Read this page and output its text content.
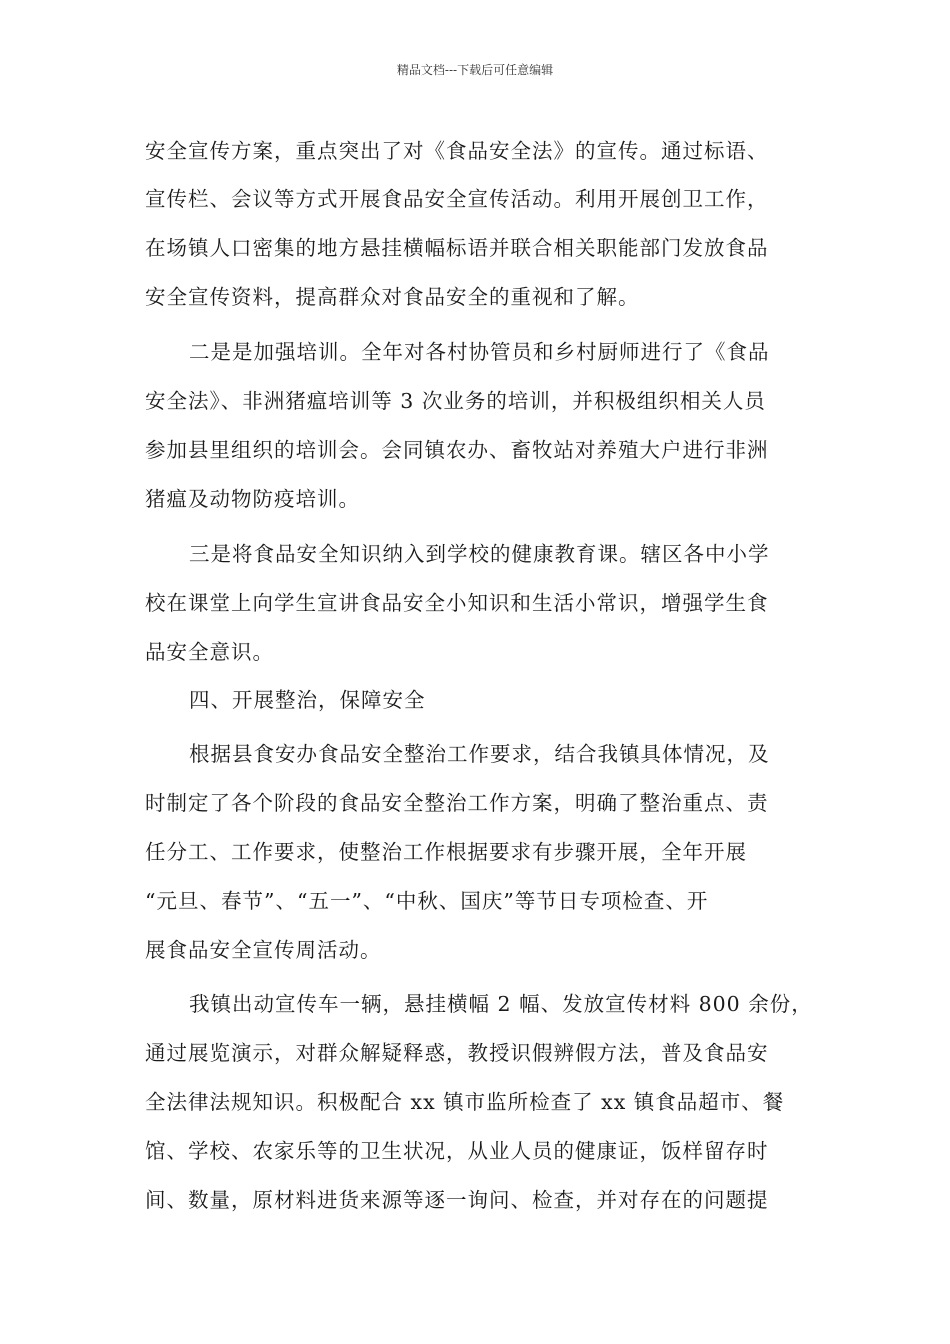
精品文档---下载后可任意编辑
安全宣传方案，重点突出了对《食品安全法》的宣传。通过标语、
宣传栏、会议等方式开展食品安全宣传活动。利用开展创卫工作，
在场镇人口密集的地方悬挂横幅标语并联合相关职能部门发放食品
安全宣传资料，提高群众对食品安全的重视和了解。
二是是加强培训。全年对各村协管员和乡村厨师进行了《食品
安全法》、非洲猪瘟培训等 3 次业务的培训，并积极组织相关人员
参加县里组织的培训会。会同镇农办、畜牧站对养殖大户进行非洲
猪瘟及动物防疫培训。
三是将食品安全知识纳入到学校的健康教育课。辖区各中小学
校在课堂上向学生宣讲食品安全小知识和生活小常识，增强学生食
品安全意识。
四、开展整治，保障安全
根据县食安办食品安全整治工作要求，结合我镇具体情况，及
时制定了各个阶段的食品安全整治工作方案，明确了整治重点、责
任分工、工作要求，使整治工作根据要求有步骤开展，全年开展
“元旦、春节”、“五一”、“中秋、国庆”等节日专项检查、开
展食品安全宣传周活动。
我镇出动宣传车一辆，悬挂横幅 2 幅、发放宣传材料 800 余份，
通过展览演示，对群众解疑释惑，教授识假辨假方法，普及食品安
全法律法规知识。积极配合 xx 镇市监所检查了 xx 镇食品超市、餐
馆、学校、农家乐等的卫生状况，从业人员的健康证，饭样留存时
间、数量，原材料进货来源等逐一询问、检查，并对存在的问题提
